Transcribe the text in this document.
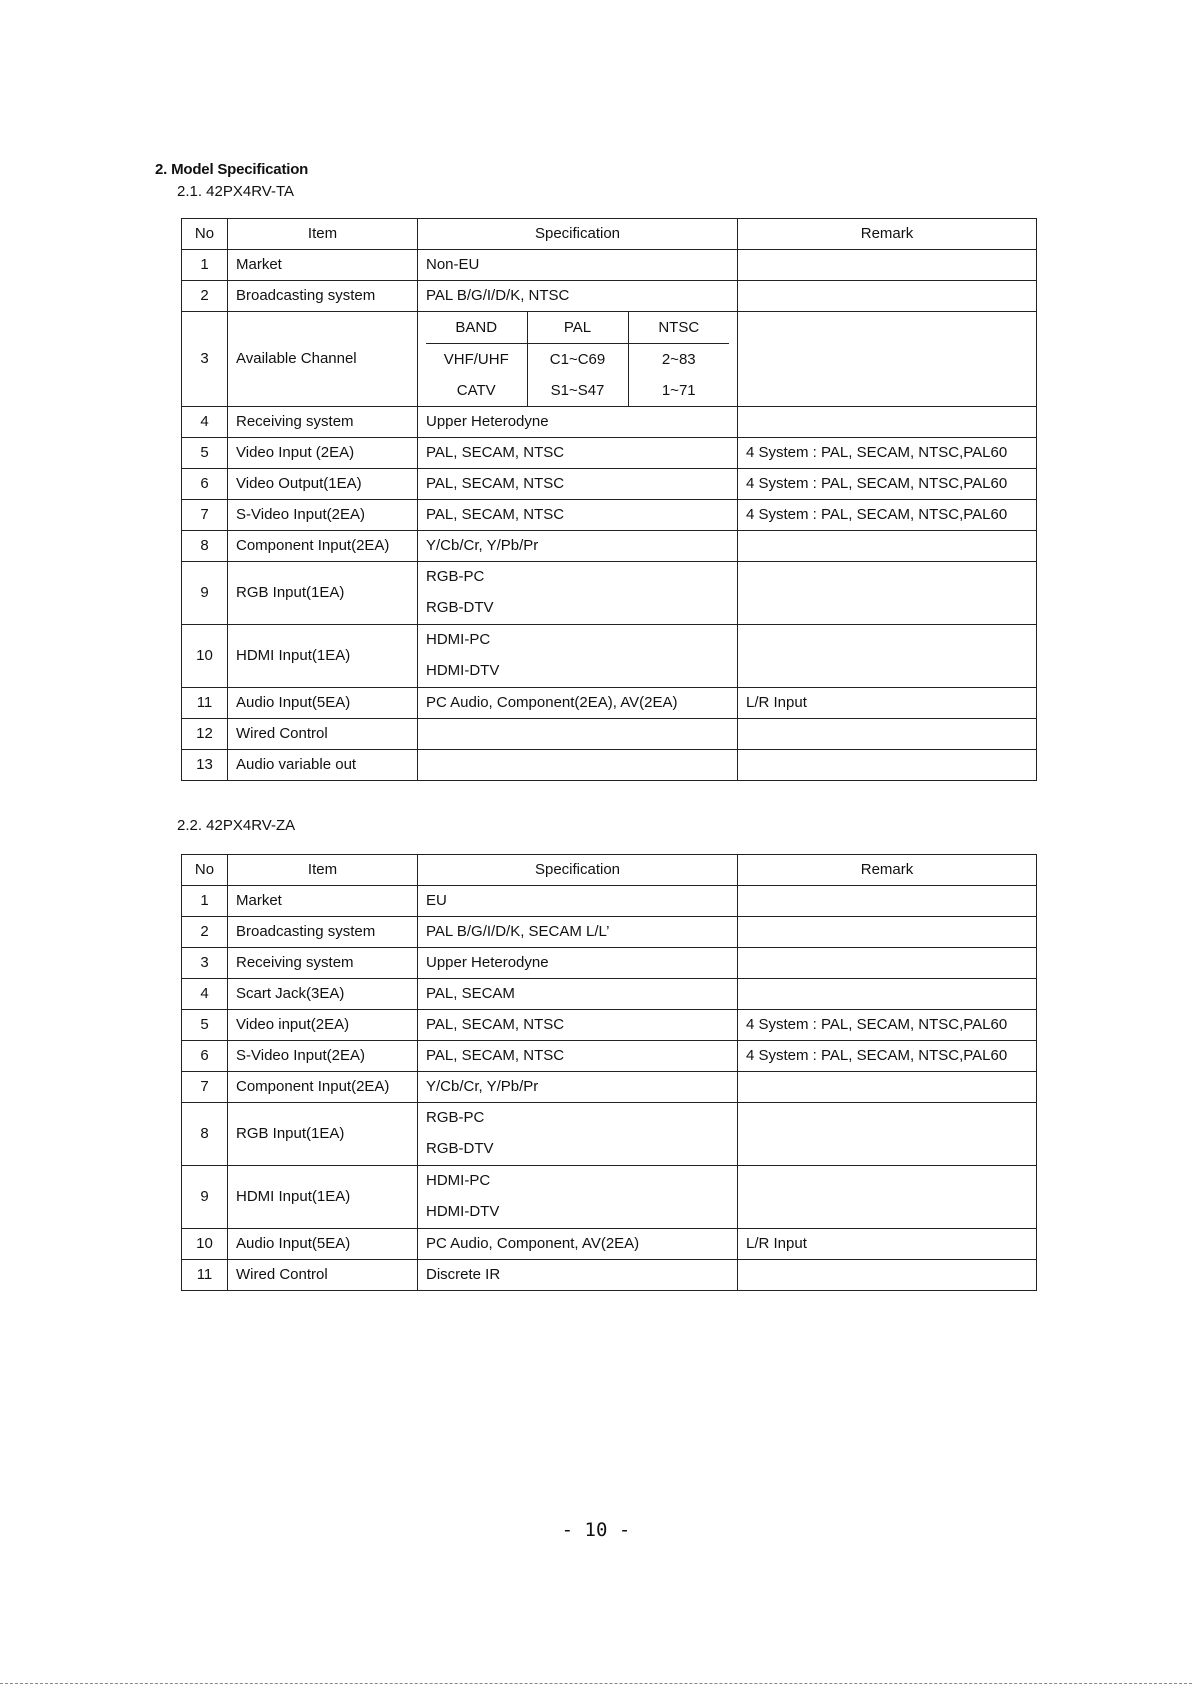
2. Model Specification
2.1. 42PX4RV-TA
No	Item	Specification	Remark
1	Market	Non-EU	
2	Broadcasting system	PAL B/G/I/D/K, NTSC	
3	Available Channel	
BAND	PAL	NTSC
VHF/UHF	C1~C69	2~83
CATV	S1~S47	1~71

4	Receiving system	Upper Heterodyne	
5	Video Input (2EA)	PAL, SECAM, NTSC	4 System : PAL, SECAM, NTSC,PAL60
6	Video Output(1EA)	PAL, SECAM, NTSC	4 System : PAL, SECAM, NTSC,PAL60
7	S-Video Input(2EA)	PAL, SECAM, NTSC	4 System : PAL, SECAM, NTSC,PAL60
8	Component Input(2EA)	Y/Cb/Cr, Y/Pb/Pr	
9	RGB Input(1EA)	
RGB-PC
RGB-DTV

10	HDMI Input(1EA)	
HDMI-PC
HDMI-DTV

11	Audio Input(5EA)	PC Audio, Component(2EA), AV(2EA)	L/R Input
12	Wired Control		
13	Audio variable out		
2.2. 42PX4RV-ZA
No	Item	Specification	Remark
1	Market	EU	
2	Broadcasting system	PAL B/G/I/D/K, SECAM L/L’	
3	Receiving system	Upper Heterodyne	
4	Scart Jack(3EA)	PAL, SECAM	
5	Video input(2EA)	PAL, SECAM, NTSC	4 System : PAL, SECAM, NTSC,PAL60
6	S-Video Input(2EA)	PAL, SECAM, NTSC	4 System : PAL, SECAM, NTSC,PAL60
7	Component Input(2EA)	Y/Cb/Cr, Y/Pb/Pr	
8	RGB Input(1EA)	RGB-PC
RGB-DTV	

9	HDMI Input(1EA)	HDMI-PC
HDMI-DTV	

10	Audio Input(5EA)	PC Audio, Component, AV(2EA)	L/R Input
11	Wired Control	Discrete IR	
- 10 -
